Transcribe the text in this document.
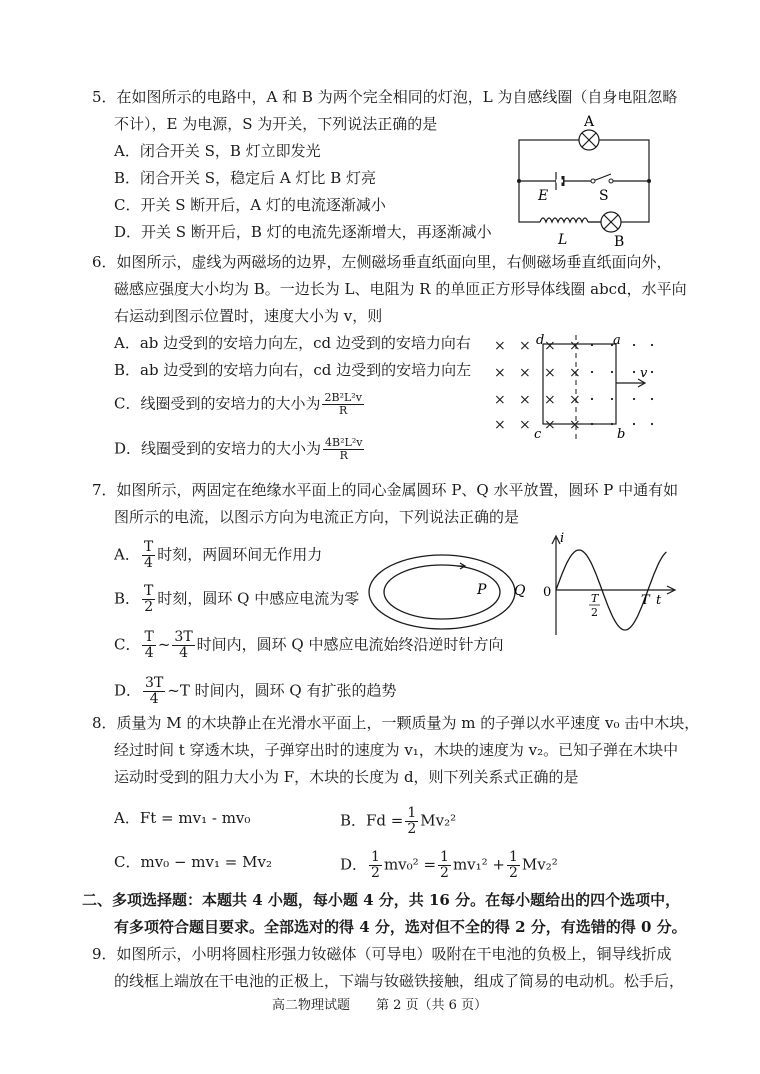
5．在如图所示的电路中，A 和 B 为两个完全相同的灯泡，L 为自感线圈（自身电阻忽略
不计），E 为电源，S 为开关，下列说法正确的是
A．闭合开关 S，B 灯立即发光
B．闭合开关 S，稳定后 A 灯比 B 灯亮
C．开关 S 断开后，A 灯的电流逐渐减小
D．开关 S 断开后，B 灯的电流先逐渐增大，再逐渐减小
A
B
E	S
L
6．如图所示，虚线为两磁场的边界，左侧磁场垂直纸面向里，右侧磁场垂直纸面向外，
磁感应强度大小均为 B。一边长为 L、电阻为 R 的单匝正方形导体线圈 abcd，水平向
右运动到图示位置时，速度大小为 v，则
A．ab 边受到的安培力向左，cd 边受到的安培力向右
B．ab 边受到的安培力向右，cd 边受到的安培力向左
C．线圈受到的安培力的大小为 $\frac{\text{2B²L²v}}{R}$
D．线圈受到的安培力的大小为 $\frac{\text{4B²L²v}}{R}$
× × × ×
× × × ×
× × × ×
× × × ×
d	a
c	b
v
7．如图所示，两固定在绝缘水平面上的同心金属圆环 P、Q 水平放置，圆环 P 中通有如
图所示的电流，以图示方向为电流正方向，下列说法正确的是
A． $\frac{T}{4}$ 时刻，两圆环间无作用力
B． $\frac{T}{2}$ 时刻，圆环 Q 中感应电流为零
C． $\frac{T}{4}$ ~ $\frac{3T}{4}$ 时间内，圆环 Q 中感应电流始终沿逆时针方向
D． $\frac{3T}{4}$ ~T 时间内，圆环 Q 有扩张的趋势
P Q
i
0	T
2
T t
8．质量为 M 的木块静止在光滑水平面上，一颗质量为 m 的子弹以水平速度 v₀ 击中木块，
经过时间 t 穿透木块，子弹穿出时的速度为 v₁，木块的速度为 v₂。已知子弹在木块中
运动时受到的阻力大小为 F，木块的长度为 d，则下列关系式正确的是
A．Ft = mv₁ - mv₀	B．$Fd = \frac{1}{2} Mv_2^2$
C．mv₀ − mv₁ = Mv₂	D． $\frac{1}{2} mv_0^2 = \frac{1}{2} mv_1^2 + \frac{1}{2} Mv_2^2$
二、多项选择题：本题共 4 小题，每小题 4 分，共 16 分。在每小题给出的四个选项中，
有多项符合题目要求。全部选对的得 4 分，选对但不全的得 2 分，有选错的得 0 分。
9．如图所示，小明将圆柱形强力钕磁体（可导电）吸附在干电池的负极上，铜导线折成
的线框上端放在干电池的正极上，下端与钕磁铁接触，组成了简易的电动机。松手后，
高二物理试题　　第 2 页（共 6 页）
